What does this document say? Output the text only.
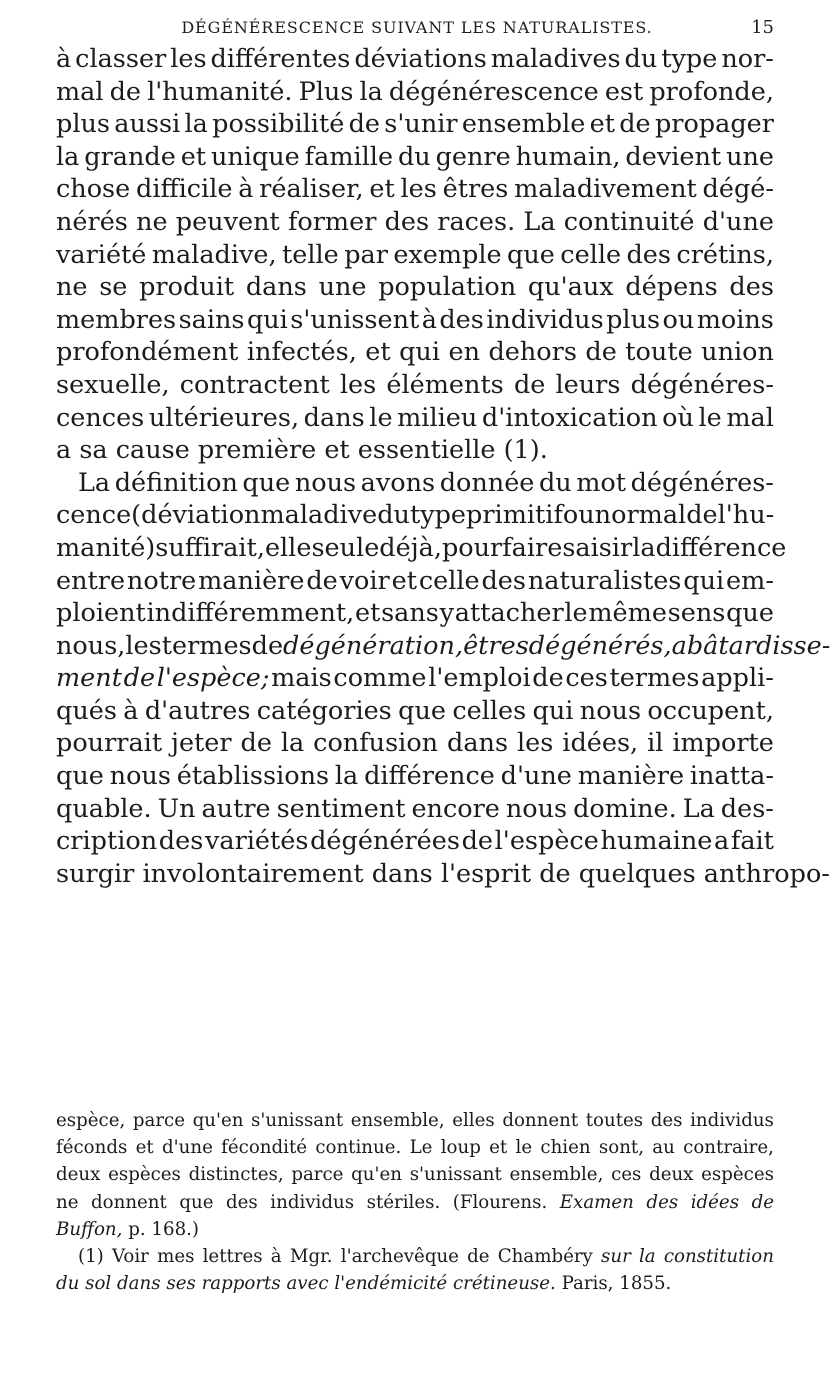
DÉGÉNÉRESCENCE SUIVANT LES NATURALISTES.	15
à classer les différentes déviations maladives du type nor-
mal de l'humanité. Plus la dégénérescence est profonde,
plus aussi la possibilité de s'unir ensemble et de propager
la grande et unique famille du genre humain, devient une
chose difficile à réaliser, et les êtres maladivement dégé-
nérés ne peuvent former des races. La continuité d'une
variété maladive, telle par exemple que celle des crétins,
ne se produit dans une population qu'aux dépens des
membres sains qui s'unissent à des individus plus ou moins
profondément infectés, et qui en dehors de toute union
sexuelle, contractent les éléments de leurs dégénéres-
cences ultérieures, dans le milieu d'intoxication où le mal
a sa cause première et essentielle (1).
La définition que nous avons donnée du mot dégénéres-
cence (déviation maladive du type primitif ou normal de l'hu-
manité) suffirait, elle seule déjà, pour faire saisir la différence
entre notre manière de voir et celle des naturalistes qui em-
ploient indifféremment, et sans y attacher le même sens que
nous, les termes de dégénération, êtres dégénérés, abâtardisse-
ment de l'espèce; mais comme l'emploi de ces termes appli-
qués à d'autres catégories que celles qui nous occupent,
pourrait jeter de la confusion dans les idées, il importe
que nous établissions la différence d'une manière inatta-
quable. Un autre sentiment encore nous domine. La des-
cription des variétés dégénérées de l'espèce humaine a fait
surgir involontairement dans l'esprit de quelques anthropo-
espèce, parce qu'en s'unissant ensemble, elles donnent toutes des individus
féconds et d'une fécondité continue. Le loup et le chien sont, au contraire,
deux espèces distinctes, parce qu'en s'unissant ensemble, ces deux espèces
ne donnent que des individus stériles. (Flourens. Examen des idées de
Buffon, p. 168.)
(1) Voir mes lettres à Mgr. l'archevêque de Chambéry sur la constitution
du sol dans ses rapports avec l'endémicité crétineuse. Paris, 1855.
